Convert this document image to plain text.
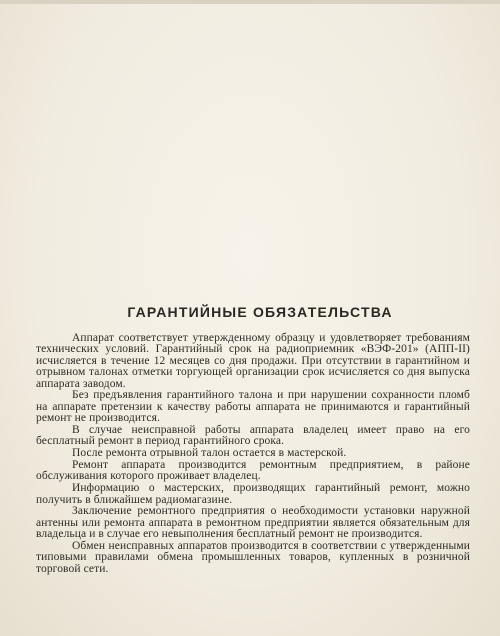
ГАРАНТИЙНЫЕ ОБЯЗАТЕЛЬСТВА

Аппарат соответствует утвержденному образцу и удовлетворяет требованиям технических условий. Гарантийный срок на радиоприемник «ВЭФ-201» (АПП-II) исчисляется в течение 12 месяцев со дня продажи. При отсутствии в гарантийном и отрывном талонах отметки торгующей организации срок исчисляется со дня выпуска аппарата заводом.

Без предъявления гарантийного талона и при нарушении сохранности пломб на аппарате претензии к качеству работы аппарата не принимаются и гарантийный ремонт не производится.

В случае неисправной работы аппарата владелец имеет право на его бесплатный ремонт в период гарантийного срока.

После ремонта отрывной талон остается в мастерской.

Ремонт аппарата производится ремонтным предприятием, в районе обслуживания которого проживает владелец.

Информацию о мастерских, производящих гарантийный ремонт, можно получить в ближайшем радиомагазине.

Заключение ремонтного предприятия о необходимости установки наружной антенны или ремонта аппарата в ремонтном предприятии является обязательным для владельца и в случае его невыполнения бесплатный ремонт не производится.

Обмен неисправных аппаратов производится в соответствии с утвержденными типовыми правилами обмена промышленных товаров, купленных в розничной торговой сети.
